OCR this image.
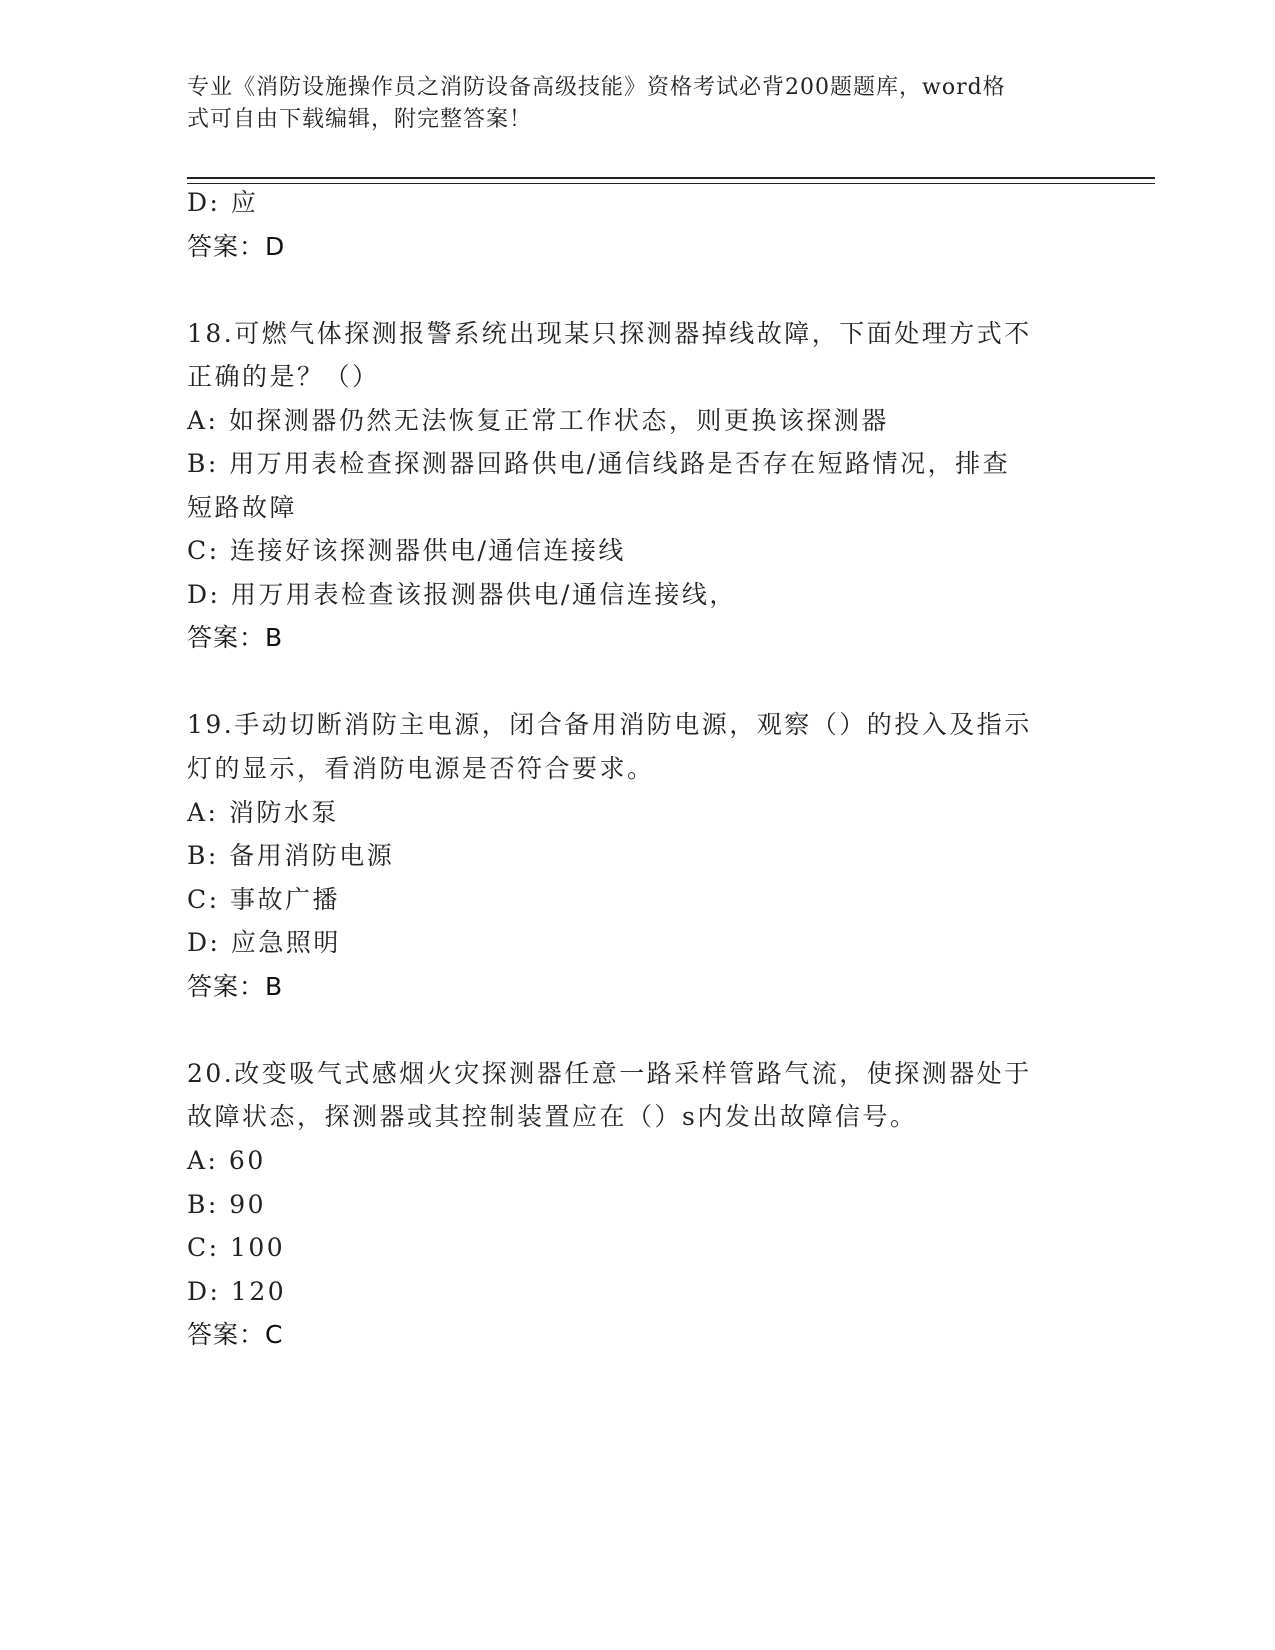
专业《消防设施操作员之消防设备高级技能》资格考试必背200题题库，word格
式可自由下载编辑，附完整答案！
D: 应
答案：D
18.可燃气体探测报警系统出现某只探测器掉线故障，下面处理方式不
正确的是？（）
A: 如探测器仍然无法恢复正常工作状态，则更换该探测器
B: 用万用表检查探测器回路供电/通信线路是否存在短路情况，排查
短路故障
C: 连接好该探测器供电/通信连接线
D: 用万用表检查该报测器供电/通信连接线，
答案：B
19.手动切断消防主电源，闭合备用消防电源，观察（）的投入及指示
灯的显示，看消防电源是否符合要求。
A: 消防水泵
B: 备用消防电源
C: 事故广播
D: 应急照明
答案：B
20.改变吸气式感烟火灾探测器任意一路采样管路气流，使探测器处于
故障状态，探测器或其控制装置应在（）s内发出故障信号。
A: 60
B: 90
C: 100
D: 120
答案：C
